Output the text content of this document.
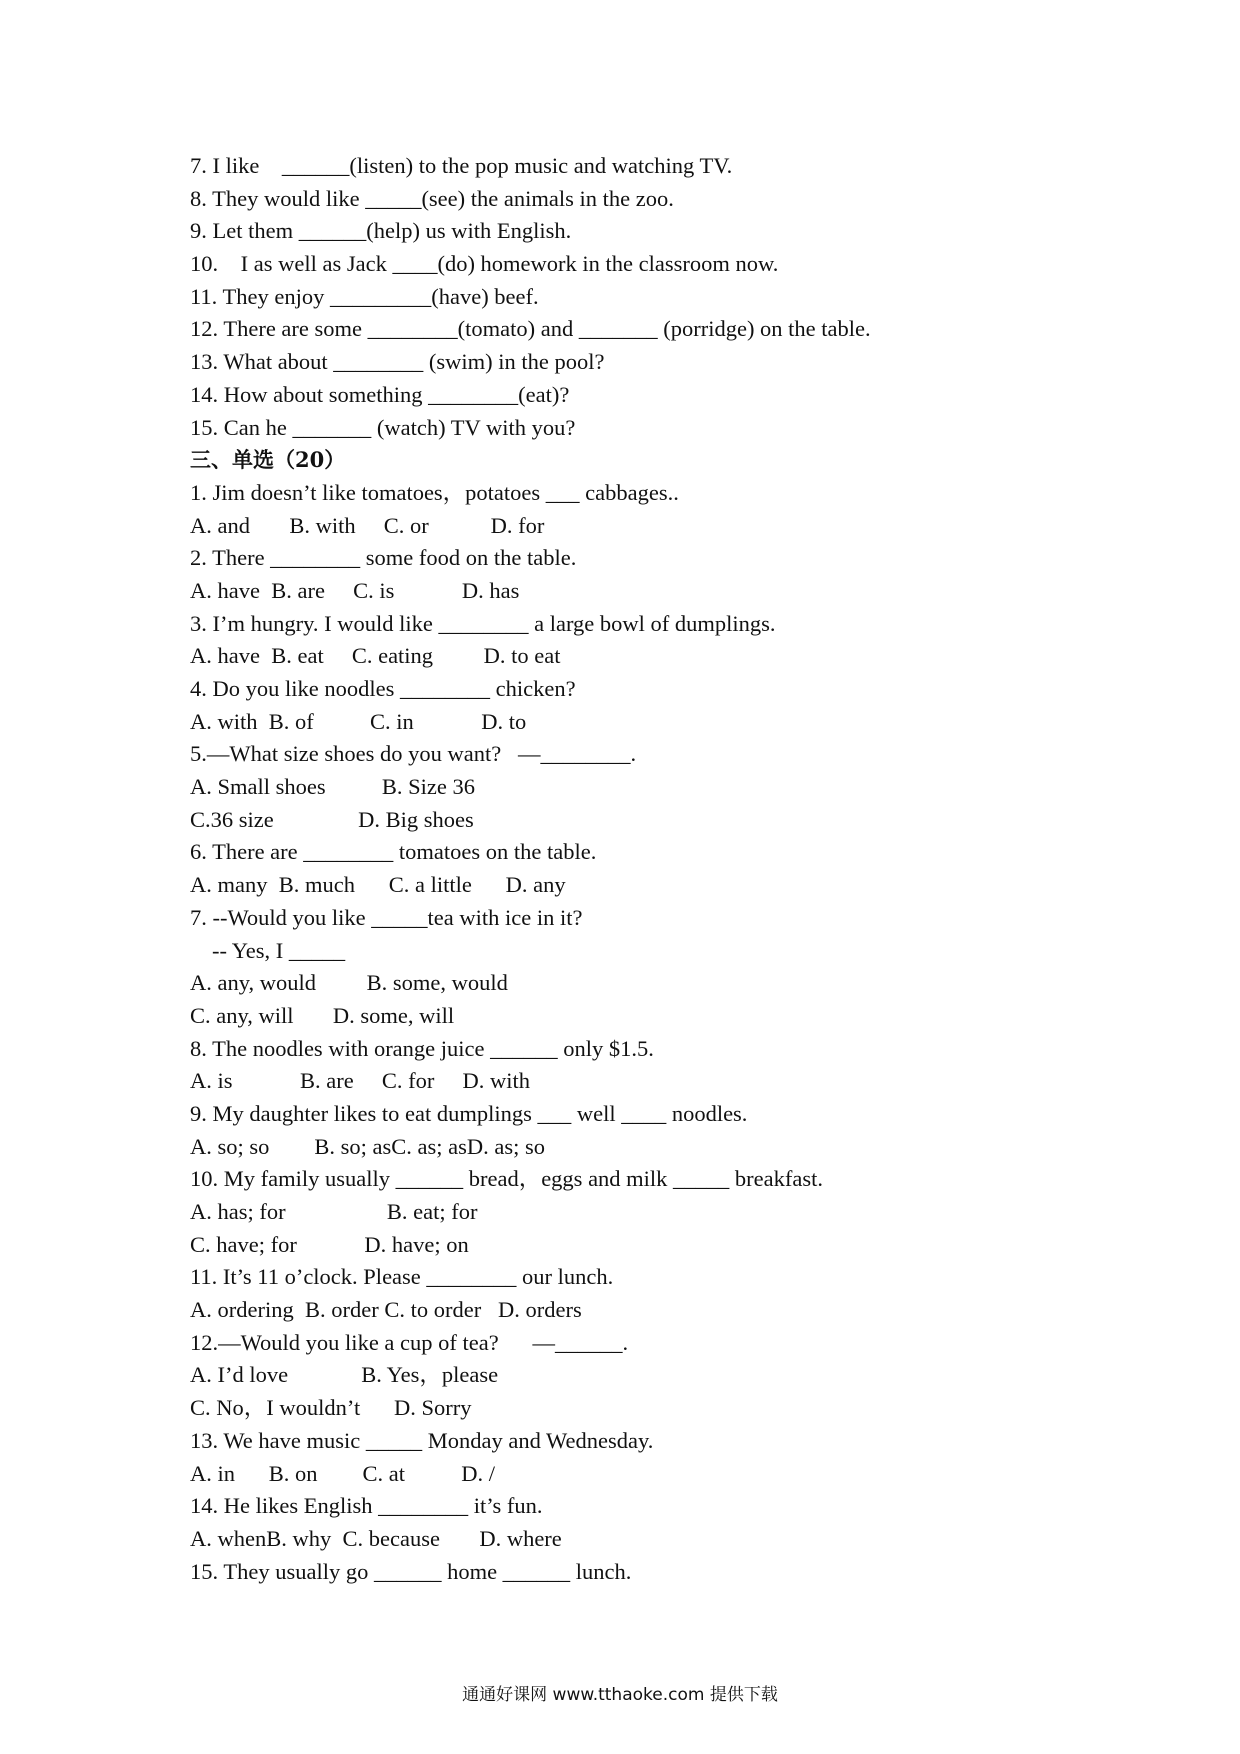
7. I like    ______(listen) to the pop music and watching TV.

8. They would like _____(see) the animals in the zoo.

9. Let them ______(help) us with English.

10.    I as well as Jack ____(do) homework in the classroom now.

11. They enjoy _________(have) beef.

12. There are some ________(tomato) and _______ (porridge) on the table.

13. What about ________ (swim) in the pool?

14. How about something ________(eat)?

15. Can he _______ (watch) TV with you?

三、单选（20）

1. Jim doesn’t like tomatoes，potatoes ___ cabbages..

A. and       B. with     C. or           D. for

2. There ________ some food on the table.

A. have  B. are     C. is            D. has

3. I’m hungry. I would like ________ a large bowl of dumplings.

A. have  B. eat     C. eating         D. to eat

4. Do you like noodles ________ chicken?

A. with  B. of          C. in            D. to

5.—What size shoes do you want?   —________.

A. Small shoes          B. Size 36

C.36 size               D. Big shoes

6. There are ________ tomatoes on the table.

A. many  B. much      C. a little      D. any

7. --Would you like _____tea with ice in it?

-- Yes, I _____

A. any, would         B. some, would

C. any, will       D. some, will

8. The noodles with orange juice ______ only $1.5.

A. is            B. are     C. for     D. with

9. My daughter likes to eat dumplings ___ well ____ noodles.

A. so; so        B. so; asC. as; asD. as; so

10. My family usually ______ bread，eggs and milk _____ breakfast.

A. has; for                  B. eat; for

C. have; for            D. have; on

11. It’s 11 o’clock. Please ________ our lunch.

A. ordering  B. order C. to order   D. orders

12.—Would you like a cup of tea?      —______.

A. I’d love             B. Yes，please

C. No，I wouldn’t      D. Sorry

13. We have music _____ Monday and Wednesday.

A. in      B. on        C. at          D. /

14. He likes English ________ it’s fun.

A. whenB. why  C. because       D. where

15. They usually go ______ home ______ lunch.

通通好课网 www.tthaoke.com 提供下载
